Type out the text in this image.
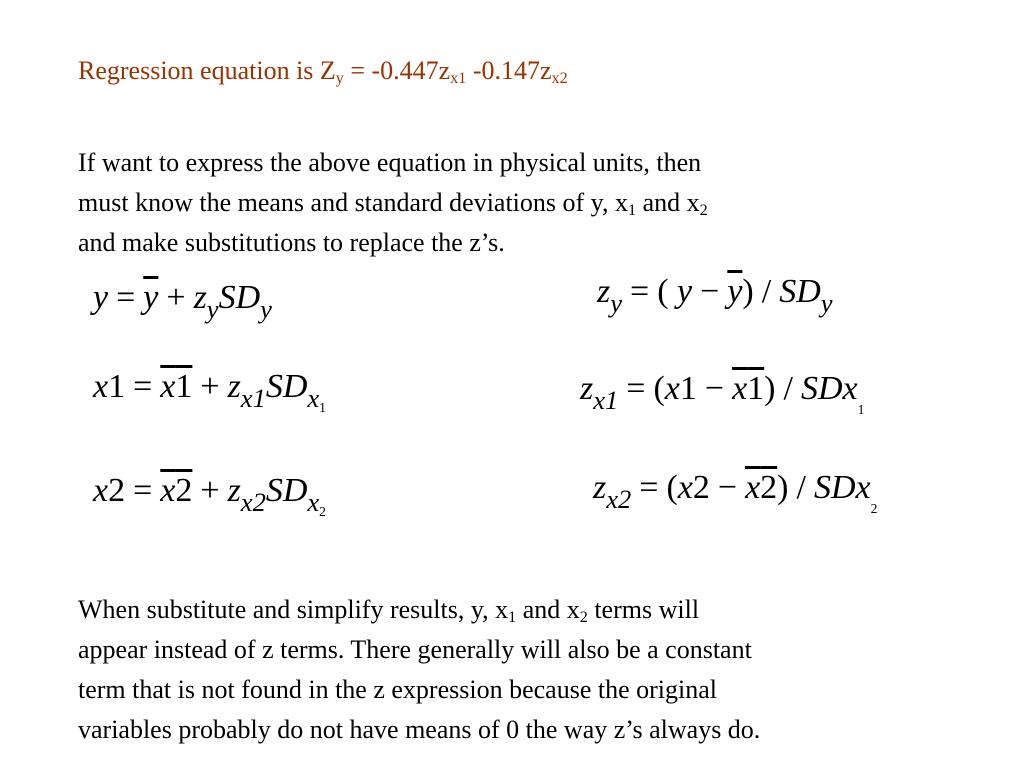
Regression equation is $Z_y = -0.447z_{x1}$ $-0.147z_{x2}$
If want to express the above equation in physical units, then
must know the means and standard deviations of y, $x_1$ and $x_2$
and make substitutions to replace the z’s.
$y = \overline{y} + z_ySD_y$
$x1 = \overline{x}1 + z_{x1}SD_{x1}$
$x2 = \overline{x}2 + z_{x2}SD_{x2}$
$z_y$ = ( $y - \overline{y}) / SD_y$
$z_{x1} = (x1 - \overline{x}1) / SDx_1$
$z_{x2} = (x2 - \overline{x}2) / SDx_2$
When substitute and simplify results, y, $x_1$ and $x_2$ terms will
appear instead of z terms. There generally will also be a constant
term that is not found in the z expression because the original
variables probably do not have means of 0 the way z’s always do.
